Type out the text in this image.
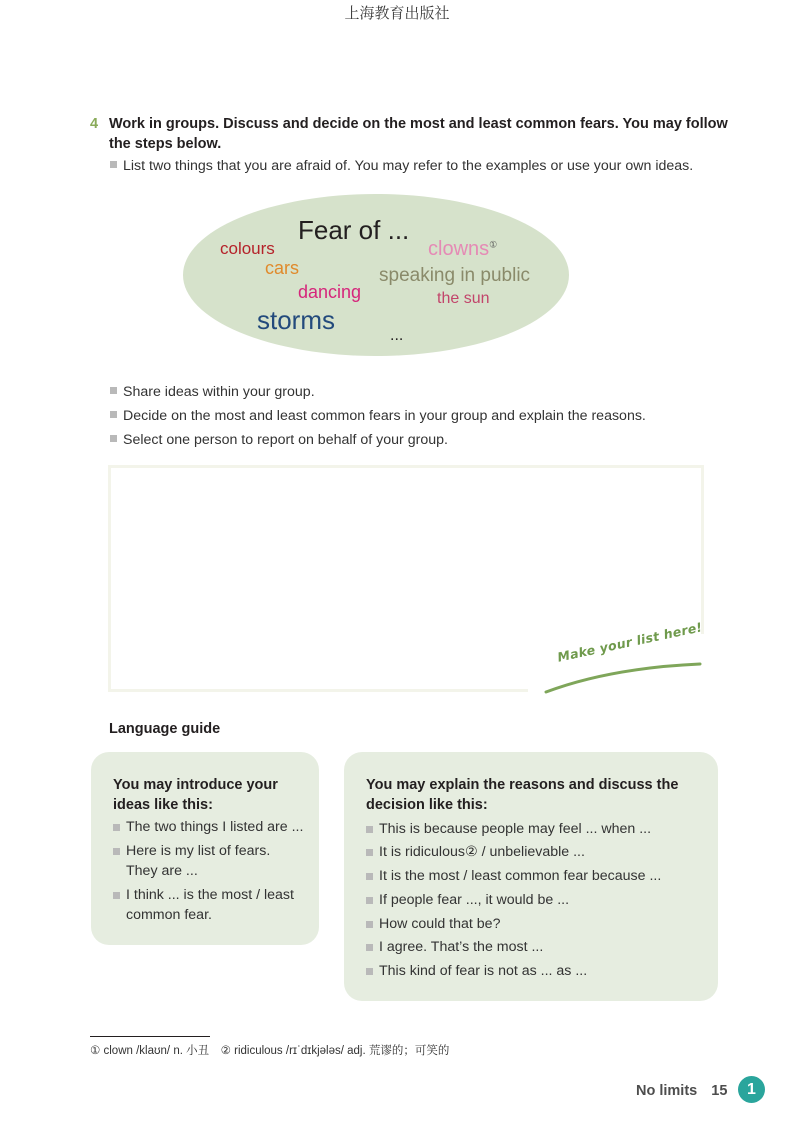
上海教育出版社
4 Work in groups. Discuss and decide on the most and least common fears. You may follow the steps below.
List two things that you are afraid of. You may refer to the examples or use your own ideas.
Fear of ...
colours
cars
dancing
storms
clowns①
speaking in public
the sun
...
Share ideas within your group.
Decide on the most and least common fears in your group and explain the reasons.
Select one person to report on behalf of your group.
Make your list here!
Language guide
You may introduce your ideas like this:
The two things I listed are ...
Here is my list of fears. They are ...
I think ... is the most / least common fear.
You may explain the reasons and discuss the decision like this:
This is because people may feel ... when ...
It is ridiculous② / unbelievable ...
It is the most / least common fear because ...
If people fear ..., it would be ...
How could that be?
I agree. That’s the most ...
This kind of fear is not as ... as ...
① clown /klaʊn/ n. 小丑　② ridiculous /rɪˈdɪkjələs/ adj. 荒谬的；可笑的
No limits 15	1
